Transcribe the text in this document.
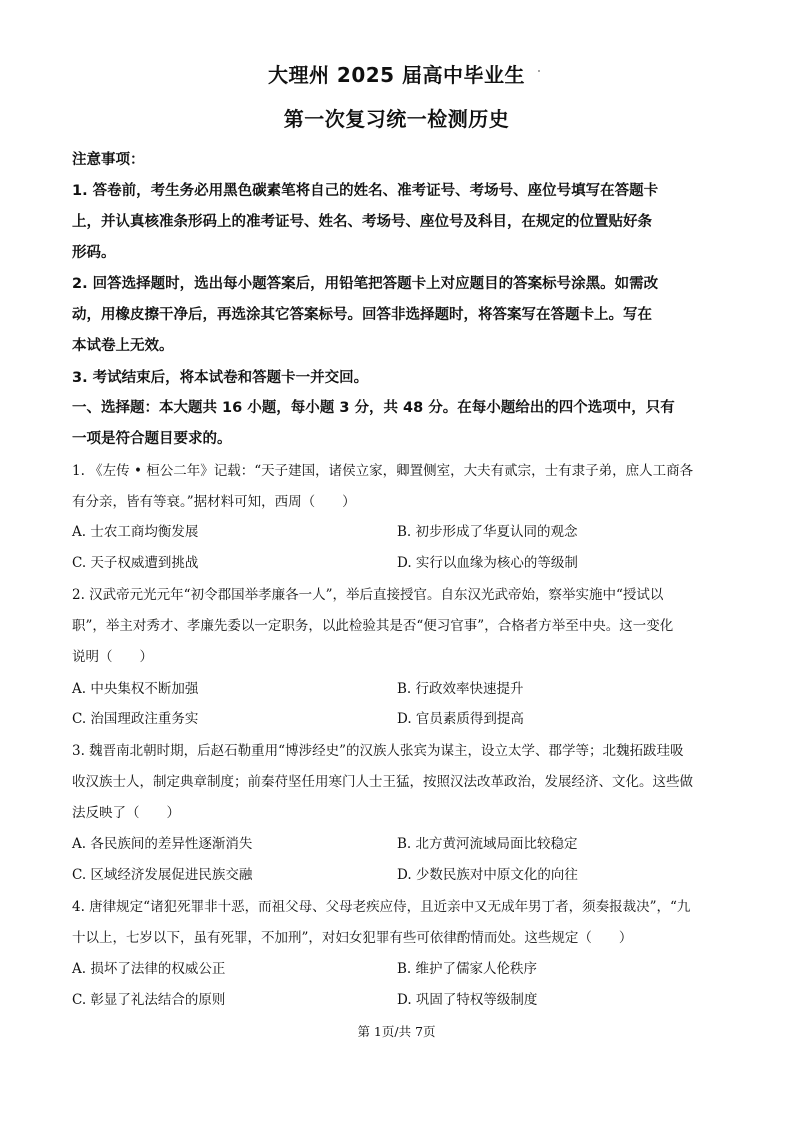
大理州 2025 届高中毕业生
第一次复习统一检测历史
注意事项：
1. 答卷前，考生务必用黑色碳素笔将自己的姓名、准考证号、考场号、座位号填写在答题卡
上，并认真核准条形码上的准考证号、姓名、考场号、座位号及科目，在规定的位置贴好条
形码。
2. 回答选择题时，选出每小题答案后，用铅笔把答题卡上对应题目的答案标号涂黑。如需改
动，用橡皮擦干净后，再选涂其它答案标号。回答非选择题时，将答案写在答题卡上。写在
本试卷上无效。
3. 考试结束后，将本试卷和答题卡一并交回。
一、选择题：本大题共 16 小题，每小题 3 分，共 48 分。在每小题给出的四个选项中，只有
一项是符合题目要求的。
1. 《左传 • 桓公二年》记载：“天子建国，诸侯立家，卿置侧室，大夫有贰宗，士有隶子弟，庶人工商各
有分亲，皆有等衰。”据材料可知，西周（　　）
A. 士农工商均衡发展	B. 初步形成了华夏认同的观念
C. 天子权威遭到挑战	D. 实行以血缘为核心的等级制
2. 汉武帝元光元年“初令郡国举孝廉各一人”，举后直接授官。自东汉光武帝始，察举实施中“授试以
职”，举主对秀才、孝廉先委以一定职务，以此检验其是否“便习官事”，合格者方举至中央。这一变化
说明（　　）
A. 中央集权不断加强	B. 行政效率快速提升
C. 治国理政注重务实	D. 官员素质得到提高
3. 魏晋南北朝时期，后赵石勒重用“博涉经史”的汉族人张宾为谋主，设立太学、郡学等；北魏拓跋珪吸
收汉族士人，制定典章制度；前秦苻坚任用寒门人士王猛，按照汉法改革政治，发展经济、文化。这些做
法反映了（　　）
A. 各民族间的差异性逐渐消失	B. 北方黄河流域局面比较稳定
C. 区域经济发展促进民族交融	D. 少数民族对中原文化的向往
4. 唐律规定“诸犯死罪非十恶，而祖父母、父母老疾应侍，且近亲中又无成年男丁者，须奏报裁决”，“九
十以上，七岁以下，虽有死罪，不加刑”，对妇女犯罪有些可依律酌情而处。这些规定（　　）
A. 损坏了法律的权威公正	B. 维护了儒家人伦秩序
C. 彰显了礼法结合的原则	D. 巩固了特权等级制度
第 1页/共 7页
